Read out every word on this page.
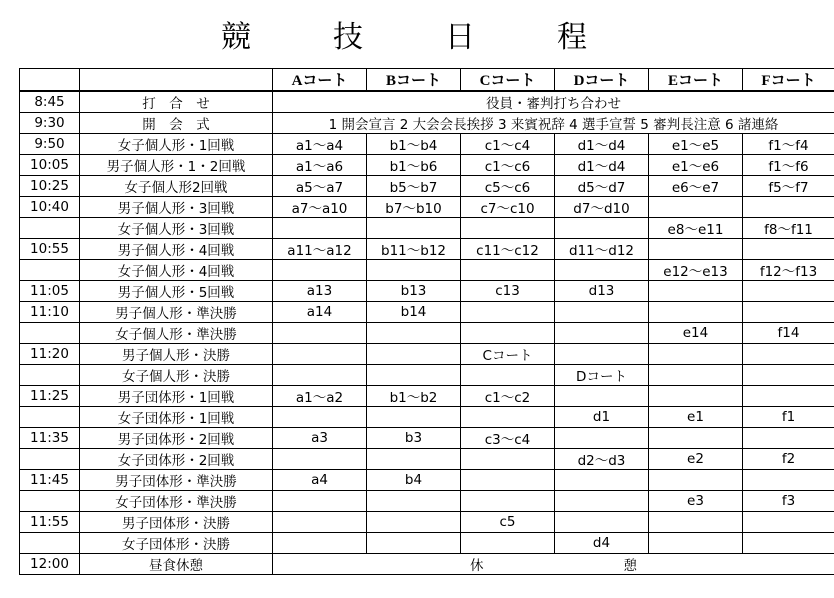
競　技　日　程
		Aコート	Bコート	Cコート	Dコート	Eコート	Fコート
8:45	打　合　せ	役員・審判打ち合わせ					
9:30	開　会　式	1 開会宣言 2 大会会長挨拶 3 来賓祝辞 4 選手宣誓 5 審判長注意 6 諸連絡					
9:50	女子個人形・1回戦	a1～a4	b1～b4	c1～c4	d1～d4	e1～e5	f1～f4
10:05	男子個人形・1・2回戦	a1～a6	b1～b6	c1～c6	d1～d4	e1～e6	f1～f6
10:25	女子個人形2回戦	a5～a7	b5～b7	c5～c6	d5～d7	e6～e7	f5～f7
10:40	男子個人形・3回戦	a7～a10	b7～b10	c7～c10	d7～d10		
	女子個人形・3回戦					e8～e11	f8～f11
10:55	男子個人形・4回戦	a11～a12	b11～b12	c11～c12	d11～d12		
	女子個人形・4回戦					e12～e13	f12～f13
11:05	男子個人形・5回戦	a13	b13	c13	d13		
11:10	男子個人形・準決勝	a14	b14				
	女子個人形・準決勝					e14	f14
11:20	男子個人形・決勝			Cコート			
	女子個人形・決勝				Dコート		
11:25	男子団体形・1回戦	a1～a2	b1～b2	c1～c2			
	女子団体形・1回戦				d1	e1	f1
11:35	男子団体形・2回戦	a3	b3	c3～c4			
	女子団体形・2回戦				d2～d3	e2	f2
11:45	男子団体形・準決勝	a4	b4				
	女子団体形・準決勝					e3	f3
11:55	男子団体形・決勝			c5			
	女子団体形・決勝				d4		
12:00	昼食休憩	休 憩					
